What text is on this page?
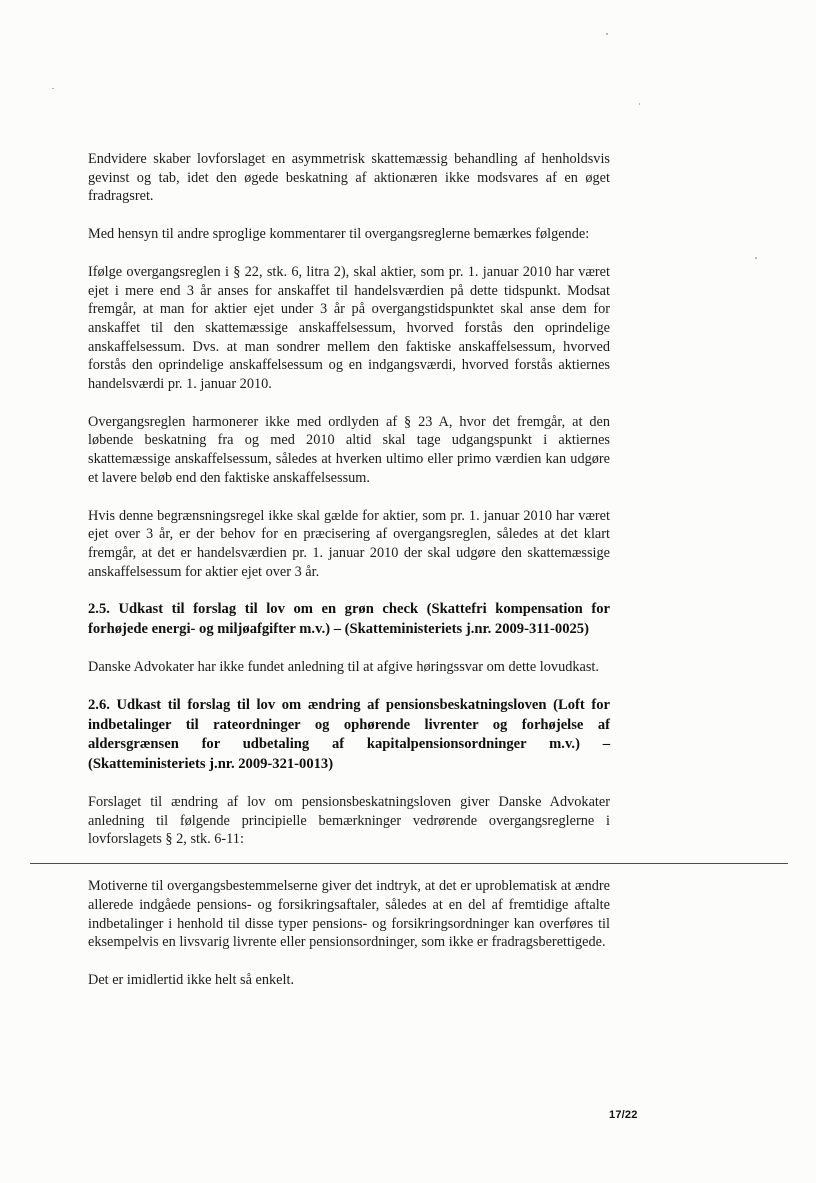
Endvidere skaber lovforslaget en asymmetrisk skattemæssig behandling af henholdsvis gevinst og tab, idet den øgede beskatning af aktionæren ikke modsvares af en øget fradragsret.

Med hensyn til andre sproglige kommentarer til overgangsreglerne bemærkes følgende:

Ifølge overgangsreglen i § 22, stk. 6, litra 2), skal aktier, som pr. 1. januar 2010 har været ejet i mere end 3 år anses for anskaffet til handelsværdien på dette tidspunkt. Modsat fremgår, at man for aktier ejet under 3 år på overgangstidspunktet skal anse dem for anskaffet til den skattemæssige anskaffelsessum, hvorved forstås den oprindelige anskaffelsessum. Dvs. at man sondrer mellem den faktiske anskaffelsessum, hvorved forstås den oprindelige anskaffelsessum og en indgangsværdi, hvorved forstås aktiernes handelsværdi pr. 1. januar 2010.

Overgangsreglen harmonerer ikke med ordlyden af § 23 A, hvor det fremgår, at den løbende beskatning fra og med 2010 altid skal tage udgangspunkt i aktiernes skattemæssige anskaffelsessum, således at hverken ultimo eller primo værdien kan udgøre et lavere beløb end den faktiske anskaffelsessum.

Hvis denne begrænsningsregel ikke skal gælde for aktier, som pr. 1. januar 2010 har været ejet over 3 år, er der behov for en præcisering af overgangsreglen, således at det klart fremgår, at det er handelsværdien pr. 1. januar 2010 der skal udgøre den skattemæssige anskaffelsessum for aktier ejet over 3 år.

2.5. Udkast til forslag til lov om en grøn check (Skattefri kompensation for forhøjede energi- og miljøafgifter m.v.) – (Skatteministeriets j.nr. 2009-311-0025)

Danske Advokater har ikke fundet anledning til at afgive høringssvar om dette lovudkast.

2.6. Udkast til forslag til lov om ændring af pensionsbeskatningsloven (Loft for indbetalinger til rateordninger og ophørende livrenter og forhøjelse af aldersgrænsen for udbetaling af kapitalpensionsordninger m.v.) – (Skatteministeriets j.nr. 2009-321-0013)

Forslaget til ændring af lov om pensionsbeskatningsloven giver Danske Advokater anledning til følgende principielle bemærkninger vedrørende overgangsreglerne i lovforslagets § 2, stk. 6-11:

Motiverne til overgangsbestemmelserne giver det indtryk, at det er uproblematisk at ændre allerede indgåede pensions- og forsikringsaftaler, således at en del af fremtidige aftalte indbetalinger i henhold til disse typer pensions- og forsikringsordninger kan overføres til eksempelvis en livsvarig livrente eller pensionsordninger, som ikke er fradragsberettigede.

Det er imidlertid ikke helt så enkelt.

17/22
